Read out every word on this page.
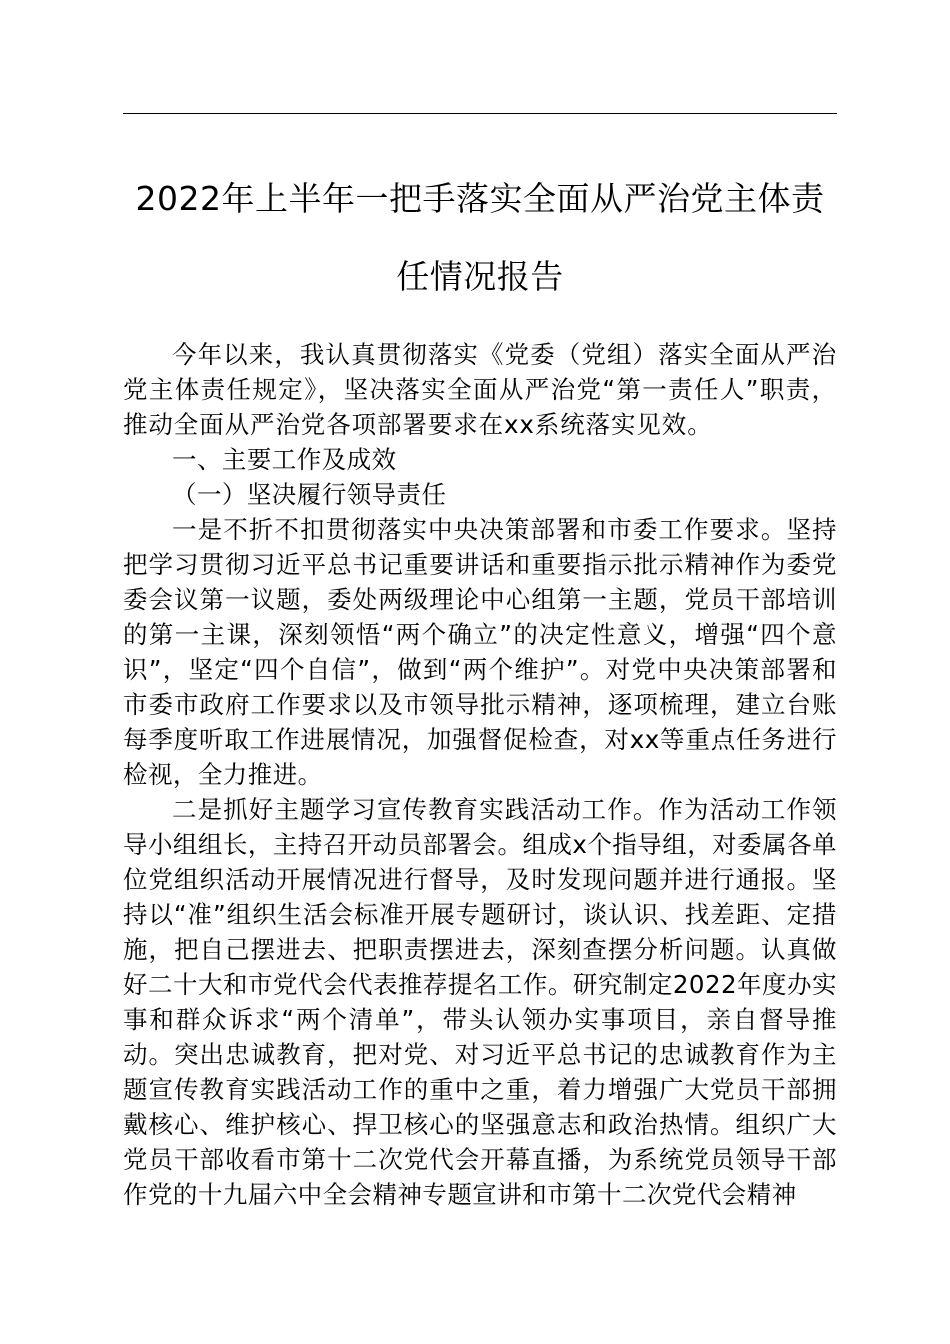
2022年上半年一把手落实全面从严治党主体责
任情况报告

今年以来，我认真贯彻落实《党委（党组）落实全面从严治党主体责任规定》，坚决落实全面从严治党“第一责任人”职责，推动全面从严治党各项部署要求在xx系统落实见效。

一、主要工作及成效

（一）坚决履行领导责任

一是不折不扣贯彻落实中央决策部署和市委工作要求。坚持把学习贯彻习近平总书记重要讲话和重要指示批示精神作为委党委会议第一议题，委处两级理论中心组第一主题，党员干部培训的第一主课，深刻领悟“两个确立”的决定性意义，增强“四个意识”，坚定“四个自信”，做到“两个维护”。对党中央决策部署和市委市政府工作要求以及市领导批示精神，逐项梳理，建立台账每季度听取工作进展情况，加强督促检查，对xx等重点任务进行检视，全力推进。

二是抓好主题学习宣传教育实践活动工作。作为活动工作领导小组组长，主持召开动员部署会。组成x个指导组，对委属各单位党组织活动开展情况进行督导，及时发现问题并进行通报。坚持以“准”组织生活会标准开展专题研讨，谈认识、找差距、定措施，把自己摆进去、把职责摆进去，深刻查摆分析问题。认真做好二十大和市党代会代表推荐提名工作。研究制定2022年度办实事和群众诉求“两个清单”，带头认领办实事项目，亲自督导推动。突出忠诚教育，把对党、对习近平总书记的忠诚教育作为主题宣传教育实践活动工作的重中之重，着力增强广大党员干部拥戴核心、维护核心、捍卫核心的坚强意志和政治热情。组织广大党员干部收看市第十二次党代会开幕直播，为系统党员领导干部作党的十九届六中全会精神专题宣讲和市第十二次党代会精神
